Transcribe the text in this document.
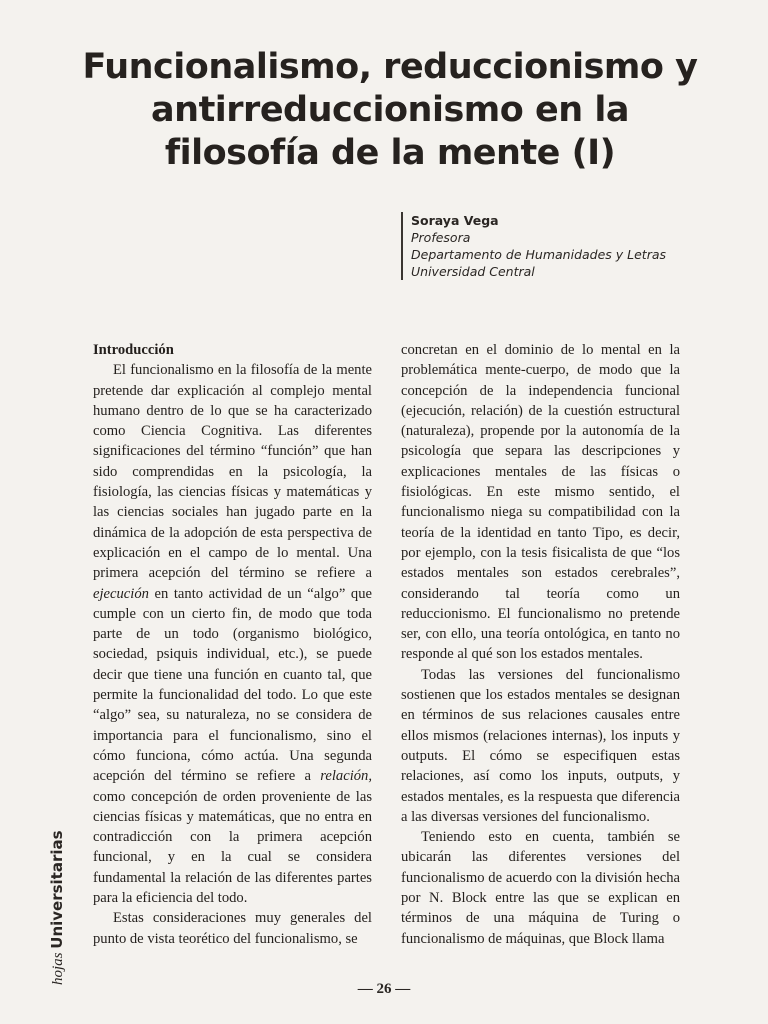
Funcionalismo, reduccionismo y
antirreduccionismo en la
filosofía de la mente (I)
Soraya Vega
Profesora
Departamento de Humanidades y Letras
Universidad Central
Introducción

El funcionalismo en la filosofía de la mente pretende dar explicación al complejo mental humano dentro de lo que se ha caracterizado como Ciencia Cognitiva. Las diferentes significaciones del término “función” que han sido comprendidas en la psicología, la fisiología, las ciencias físicas y matemáticas y las ciencias sociales han jugado parte en la dinámica de la adopción de esta perspectiva de explicación en el campo de lo mental. Una primera acepción del término se refiere a ejecución en tanto actividad de un “algo” que cumple con un cierto fin, de modo que toda parte de un todo (organismo biológico, sociedad, psiquis individual, etc.), se puede decir que tiene una función en cuanto tal, que permite la funcionalidad del todo. Lo que este “algo” sea, su naturaleza, no se considera de importancia para el funcionalismo, sino el cómo funciona, cómo actúa. Una segunda acepción del término se refiere a relación, como concepción de orden proveniente de las ciencias físicas y matemáticas, que no entra en contradicción con la primera acepción funcional, y en la cual se considera fundamental la relación de las diferentes partes para la eficiencia del todo.

Estas consideraciones muy generales del punto de vista teorético del funcionalismo, se

concretan en el dominio de lo mental en la problemática mente-cuerpo, de modo que la concepción de la independencia funcional (ejecución, relación) de la cuestión estructural (naturaleza), propende por la autonomía de la psicología que separa las descripciones y explicaciones mentales de las físicas o fisiológicas. En este mismo sentido, el funcionalismo niega su compatibilidad con la teoría de la identidad en tanto Tipo, es decir, por ejemplo, con la tesis fisicalista de que “los estados mentales son estados cerebrales”, considerando tal teoría como un reduccionismo. El funcionalismo no pretende ser, con ello, una teoría ontológica, en tanto no responde al qué son los estados mentales.

Todas las versiones del funcionalismo sostienen que los estados mentales se designan en términos de sus relaciones causales entre ellos mismos (relaciones internas), los inputs y outputs. El cómo se especifiquen estas relaciones, así como los inputs, outputs, y estados mentales, es la respuesta que diferencia a las diversas versiones del funcionalismo.

Teniendo esto en cuenta, también se ubicarán las diferentes versiones del funcionalismo de acuerdo con la división hecha por N. Block entre las que se explican en términos de una máquina de Turing o funcionalismo de máquinas, que Block llama

hojas Universitarias
— 26 —
